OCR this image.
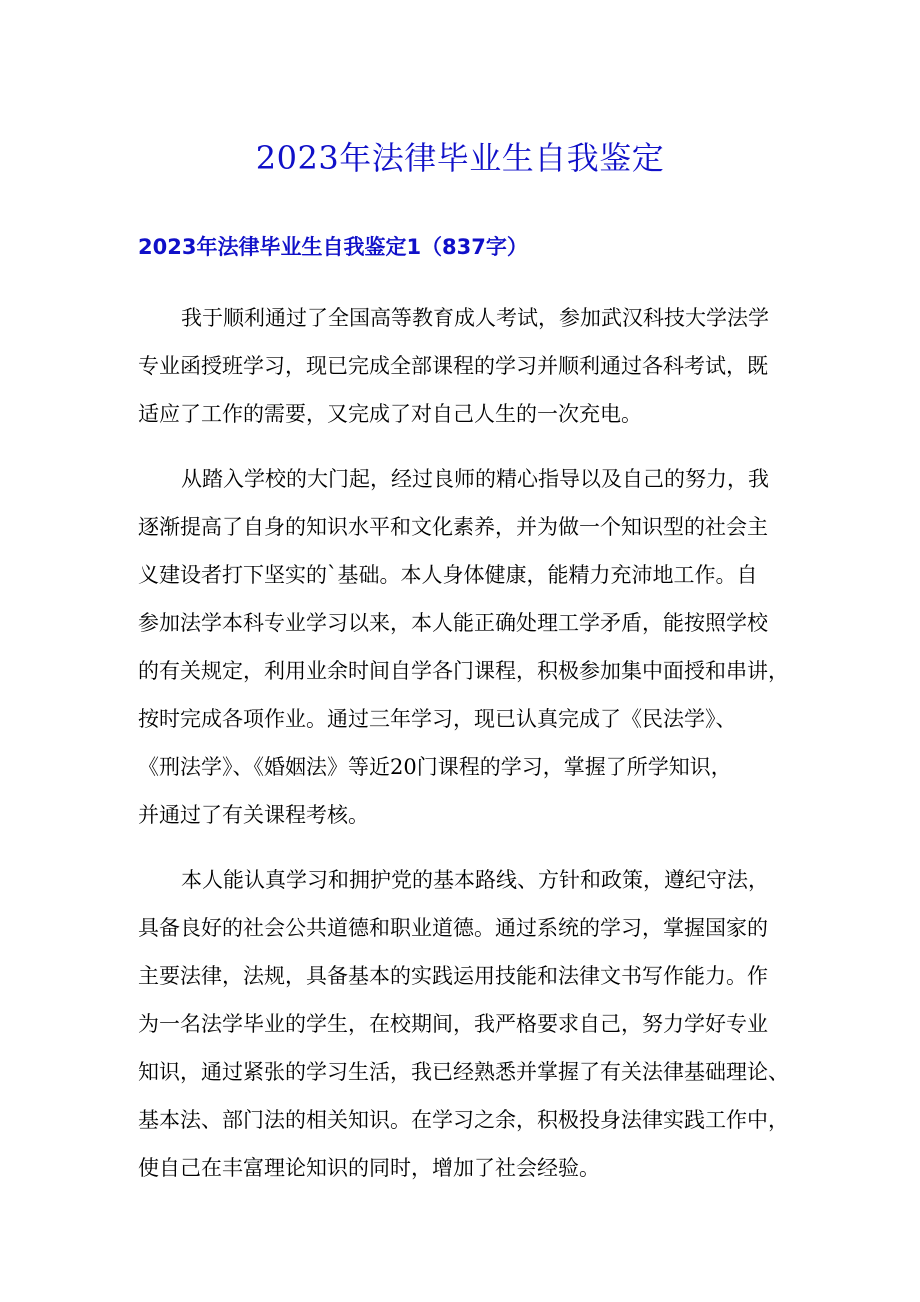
2023年法律毕业生自我鉴定
2023年法律毕业生自我鉴定1（837字）
我于顺利通过了全国高等教育成人考试，参加武汉科技大学法学
专业函授班学习，现已完成全部课程的学习并顺利通过各科考试，既
适应了工作的需要，又完成了对自己人生的一次充电。
从踏入学校的大门起，经过良师的精心指导以及自己的努力，我
逐渐提高了自身的知识水平和文化素养，并为做一个知识型的社会主
义建设者打下坚实的`基础。本人身体健康，能精力充沛地工作。自
参加法学本科专业学习以来，本人能正确处理工学矛盾，能按照学校
的有关规定，利用业余时间自学各门课程，积极参加集中面授和串讲，
按时完成各项作业。通过三年学习，现已认真完成了《民法学》、
《刑法学》、《婚姻法》等近20门课程的学习，掌握了所学知识，
并通过了有关课程考核。
本人能认真学习和拥护党的基本路线、方针和政策，遵纪守法，
具备良好的社会公共道德和职业道德。通过系统的学习，掌握国家的
主要法律，法规，具备基本的实践运用技能和法律文书写作能力。作
为一名法学毕业的学生，在校期间，我严格要求自己，努力学好专业
知识，通过紧张的学习生活，我已经熟悉并掌握了有关法律基础理论、
基本法、部门法的相关知识。在学习之余，积极投身法律实践工作中，
使自己在丰富理论知识的同时，增加了社会经验。
